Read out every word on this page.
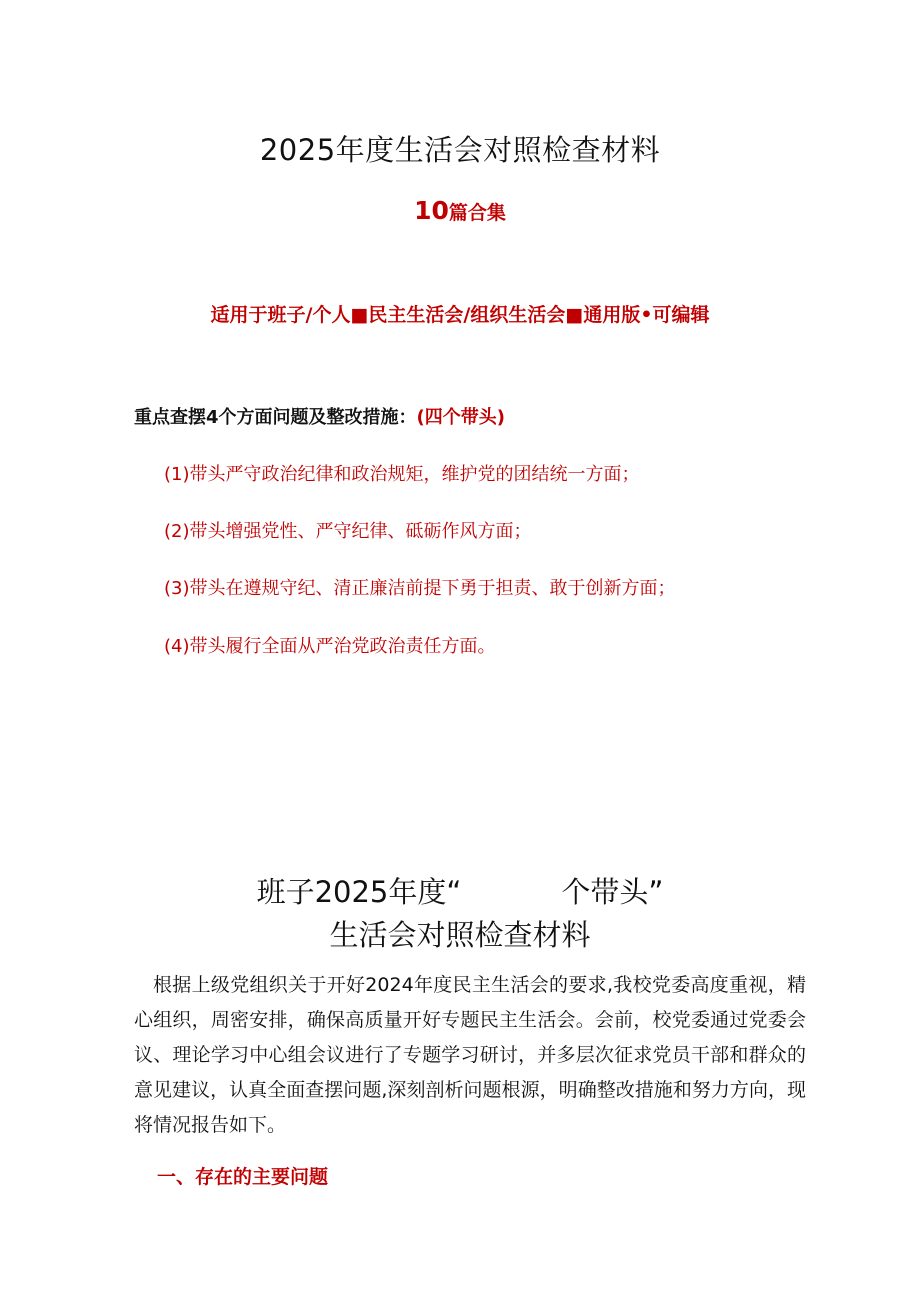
2025年度生活会对照检查材料
10篇合集
适用于班子/个人■民主生活会/组织生活会■通用版•可编辑
重点查摆4个方面问题及整改措施：(四个带头)
(1)带头严守政治纪律和政治规矩，维护党的团结统一方面；
(2)带头增强党性、严守纪律、砥砺作风方面；
(3)带头在遵规守纪、清正廉洁前提下勇于担责、敢于创新方面；
(4)带头履行全面从严治党政治责任方面。
班子2025年度“	个带头”
生活会对照检查材料
根据上级党组织关于开好2024年度民主生活会的要求,我校党委高度重视，精心组织，周密安排，确保高质量开好专题民主生活会。会前，校党委通过党委会议、理论学习中心组会议进行了专题学习研讨，并多层次征求党员干部和群众的意见建议，认真全面查摆问题,深刻剖析问题根源，明确整改措施和努力方向，现将情况报告如下。
一、存在的主要问题
